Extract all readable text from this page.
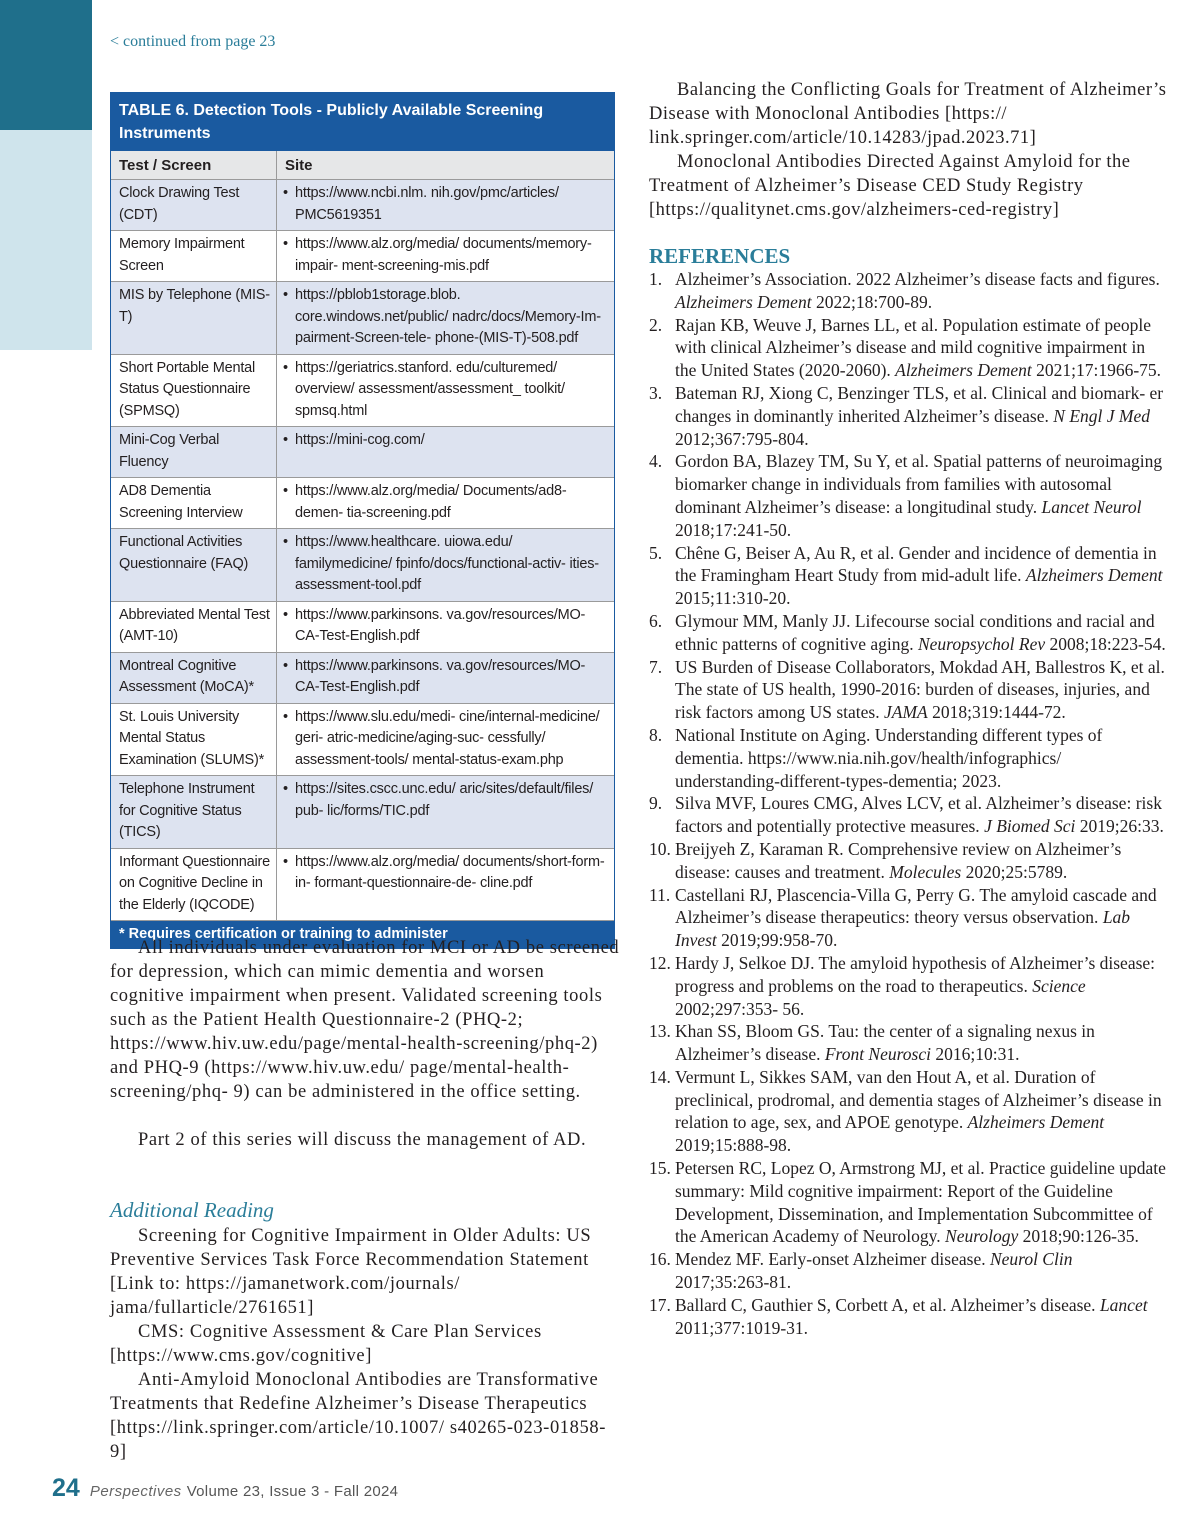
< continued from page 23
TABLE 6. Detection Tools - Publicly Available Screening Instruments
Test / Screen	Site
Clock Drawing Test (CDT)
• https://www.ncbi.nlm. nih.gov/pmc/articles/ PMC5619351
Memory Impairment Screen
• https://www.alz.org/media/ documents/memory-impair- ment-screening-mis.pdf
MIS by Telephone (MIS-T)
• https://pblob1storage.blob. core.windows.net/public/ nadrc/docs/Memory-Im- pairment-Screen-tele- phone-(MIS-T)-508.pdf
Short Portable Mental Status Questionnaire (SPMSQ)
• https://geriatrics.stanford. edu/culturemed/ overview/ assessment/assessment_ toolkit/ spmsq.html
Mini-Cog Verbal Fluency
• https://mini-cog.com/
AD8 Dementia Screening Interview
• https://www.alz.org/media/ Documents/ad8-demen- tia-screening.pdf
Functional Activities Questionnaire (FAQ)
• https://www.healthcare. uiowa.edu/ familymedicine/ fpinfo/docs/functional-activ- ities-assessment-tool.pdf
Abbreviated Mental Test (AMT-10)
• https://www.parkinsons. va.gov/resources/MO-CA-Test-English.pdf
Montreal Cognitive Assessment (MoCA)*
• https://www.parkinsons. va.gov/resources/MO-CA-Test-English.pdf
St. Louis University Mental Status Examination (SLUMS)*
• https://www.slu.edu/medi- cine/internal-medicine/ geri- atric-medicine/aging-suc- cessfully/ assessment-tools/ mental-status-exam.php
Telephone Instrument for Cognitive Status (TICS)
• https://sites.cscc.unc.edu/ aric/sites/default/files/ pub- lic/forms/TIC.pdf
Informant Questionnaire on Cognitive Decline in the Elderly (IQCODE)
• https://www.alz.org/media/ documents/short-form-in- formant-questionnaire-de- cline.pdf
* Requires certification or training to administer

All individuals under evaluation for MCI or AD be screened for depression, which can mimic dementia and worsen cognitive impairment when present. Validated screening tools such as the Patient Health Questionnaire-2 (PHQ-2; https://www.hiv.uw.edu/page/mental-health-screening/phq-2) and PHQ-9 (https://www.hiv.uw.edu/ page/mental-health-screening/phq- 9) can be administered in the office setting.

Part 2 of this series will discuss the management of AD.

Additional Reading

Screening for Cognitive Impairment in Older Adults: US Preventive Services Task Force Recommendation Statement [Link to: https://jamanetwork.com/journals/ jama/fullarticle/2761651]

CMS: Cognitive Assessment & Care Plan Services [https://www.cms.gov/cognitive]

Anti-Amyloid Monoclonal Antibodies are Transformative Treatments that Redefine Alzheimer’s Disease Therapeutics [https://link.springer.com/article/10.1007/ s40265-023-01858-9]

Balancing the Conflicting Goals for Treatment of Alzheimer’s Disease with Monoclonal Antibodies [https:// link.springer.com/article/10.14283/jpad.2023.71]

Monoclonal Antibodies Directed Against Amyloid for the Treatment of Alzheimer’s Disease CED Study Registry [https://qualitynet.cms.gov/alzheimers-ced-registry]

REFERENCES
1. Alzheimer’s Association. 2022 Alzheimer’s disease facts and figures. Alzheimers Dement 2022;18:700-89.
2. Rajan KB, Weuve J, Barnes LL, et al. Population estimate of people with clinical Alzheimer’s disease and mild cognitive impairment in the United States (2020-2060). Alzheimers Dement 2021;17:1966-75.
3. Bateman RJ, Xiong C, Benzinger TLS, et al. Clinical and biomark- er changes in dominantly inherited Alzheimer’s disease. N Engl J Med 2012;367:795-804.
4. Gordon BA, Blazey TM, Su Y, et al. Spatial patterns of neuroimaging biomarker change in individuals from families with autosomal dominant Alzheimer’s disease: a longitudinal study. Lancet Neurol 2018;17:241-50.
5. Chêne G, Beiser A, Au R, et al. Gender and incidence of dementia in the Framingham Heart Study from mid-adult life. Alzheimers Dement 2015;11:310-20.
6. Glymour MM, Manly JJ. Lifecourse social conditions and racial and ethnic patterns of cognitive aging. Neuropsychol Rev 2008;18:223-54.
7. US Burden of Disease Collaborators, Mokdad AH, Ballestros K, et al. The state of US health, 1990-2016: burden of diseases, injuries, and risk factors among US states. JAMA 2018;319:1444-72.
8. National Institute on Aging. Understanding different types of dementia. https://www.nia.nih.gov/health/infographics/ understanding-different-types-dementia; 2023.
9. Silva MVF, Loures CMG, Alves LCV, et al. Alzheimer’s disease: risk factors and potentially protective measures. J Biomed Sci 2019;26:33.
10. Breijyeh Z, Karaman R. Comprehensive review on Alzheimer’s disease: causes and treatment. Molecules 2020;25:5789.
11. Castellani RJ, Plascencia-Villa G, Perry G. The amyloid cascade and Alzheimer’s disease therapeutics: theory versus observation. Lab Invest 2019;99:958-70.
12. Hardy J, Selkoe DJ. The amyloid hypothesis of Alzheimer’s disease: progress and problems on the road to therapeutics. Science 2002;297:353- 56.
13. Khan SS, Bloom GS. Tau: the center of a signaling nexus in Alzheimer’s disease. Front Neurosci 2016;10:31.
14. Vermunt L, Sikkes SAM, van den Hout A, et al. Duration of preclinical, prodromal, and dementia stages of Alzheimer’s disease in relation to age, sex, and APOE genotype. Alzheimers Dement 2019;15:888-98.
15. Petersen RC, Lopez O, Armstrong MJ, et al. Practice guideline update summary: Mild cognitive impairment: Report of the Guideline Development, Dissemination, and Implementation Subcommittee of the American Academy of Neurology. Neurology 2018;90:126-35.
16. Mendez MF. Early-onset Alzheimer disease. Neurol Clin 2017;35:263-81.
17. Ballard C, Gauthier S, Corbett A, et al. Alzheimer’s disease. Lancet 2011;377:1019-31.
24 Perspectives Volume 23, Issue 3 - Fall 2024
